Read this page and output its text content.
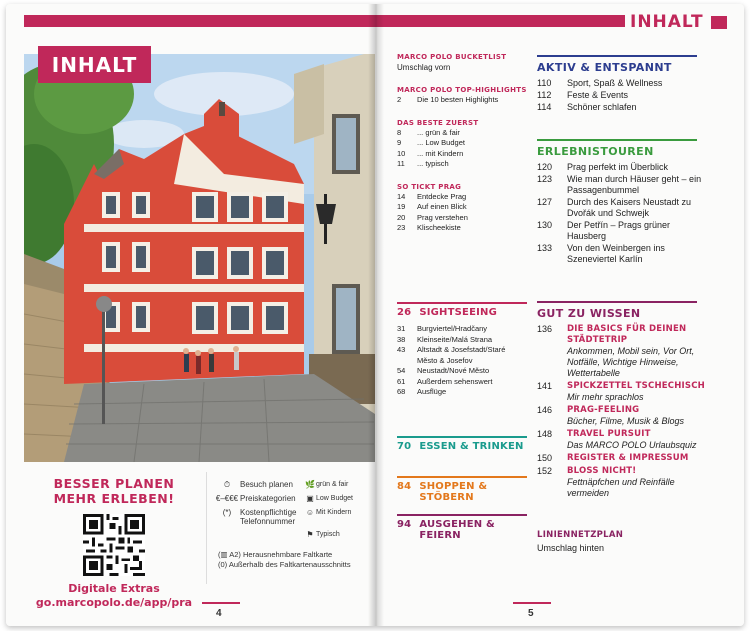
INHALT
BESSER PLANEN
MEHR ERLEBEN!
Digitale Extras
go.marcopolo.de/app/pra
⏱	Besuch planen	🌿 grün & fair
€–€€€ Preiskategorien	▣ Low Budget
(*)	Kostenpflichtige Telefonnummer
☺ Mit Kindern
⚑ Typisch
(▥ A2) Herausnehmbare Faltkarte
(0) Außerhalb des Faltkartenausschnitts
4
INHALT
MARCO POLO BUCKETLIST
Umschlag vorn
MARCO POLO TOP-HIGHLIGHTS
2	Die 10 besten Highlights
DAS BESTE ZUERST
8	... grün & fair
9	... Low Budget
10	... mit Kindern
11	... typisch
SO TICKT PRAG
14	Entdecke Prag
19	Auf einen Blick
20	Prag verstehen
23	Klischeekiste
26 SIGHTSEEING
31	Burgviertel/Hradčany
38	Kleinseite/Malá Strana
43	Altstadt & Josefstadt/Staré Město & Josefov
54	Neustadt/Nové Město
61	Außerdem sehenswert
68	Ausflüge
70 ESSEN & TRINKEN
84 SHOPPEN & STÖBERN
94 AUSGEHEN & FEIERN
AKTIV & ENTSPANNT
110	Sport, Spaß & Wellness
112	Feste & Events
114	Schöner schlafen
ERLEBNISTOUREN
120	Prag perfekt im Überblick
123	Wie man durch Häuser geht – ein Passagenbummel
127	Durch des Kaisers Neustadt zu Dvořák und Schwejk
130	Der Petřín – Prags grüner Hausberg
133	Von den Weinbergen ins Szeneviertel Karlín
GUT ZU WISSEN
136	DIE BASICS FÜR DEINEN STÄDTETRIP
Ankommen, Mobil sein, Vor Ort, Notfälle, Wichtige Hinweise, Wettertabelle
141	SPICKZETTEL TSCHECHISCH
Mir mehr sprachlos
146	PRAG-FEELING
Bücher, Filme, Musik & Blogs
148	TRAVEL PURSUIT
Das MARCO POLO Urlaubsquiz
150	REGISTER & IMPRESSUM
152	BLOSS NICHT!
Fettnäpfchen und Reinfälle vermeiden
LINIENNETZPLAN
Umschlag hinten
5
